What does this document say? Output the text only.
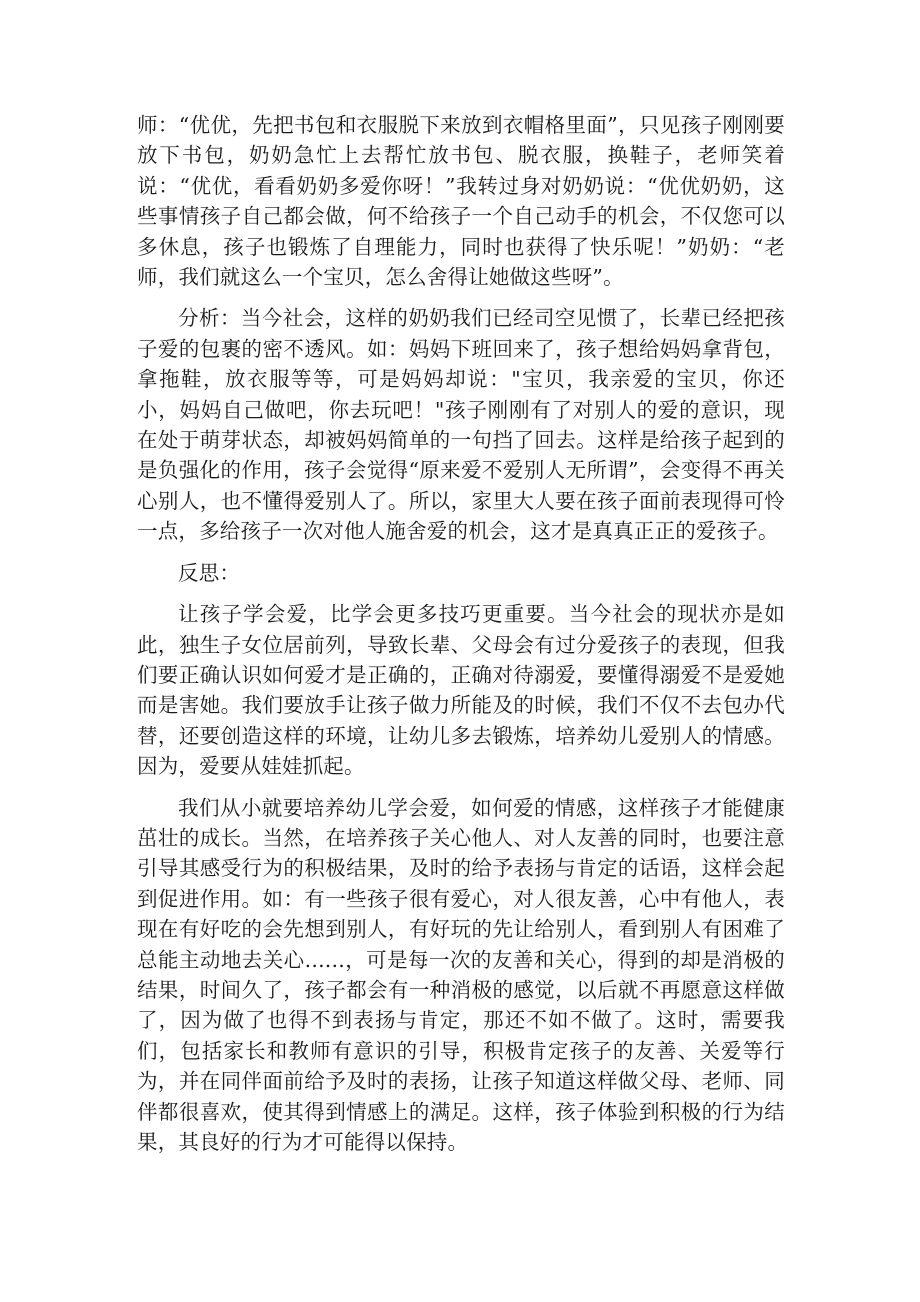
师：“优优，先把书包和衣服脱下来放到衣帽格里面”，只见孩子刚刚要放下书包，奶奶急忙上去帮忙放书包、脱衣服，换鞋子，老师笑着说：“优优，看看奶奶多爱你呀！”我转过身对奶奶说：“优优奶奶，这些事情孩子自己都会做，何不给孩子一个自己动手的机会，不仅您可以多休息，孩子也锻炼了自理能力，同时也获得了快乐呢！”奶奶：“老师，我们就这么一个宝贝，怎么舍得让她做这些呀”。

分析：当今社会，这样的奶奶我们已经司空见惯了，长辈已经把孩子爱的包裹的密不透风。如：妈妈下班回来了，孩子想给妈妈拿背包，拿拖鞋，放衣服等等，可是妈妈却说："宝贝，我亲爱的宝贝，你还小，妈妈自己做吧，你去玩吧！"孩子刚刚有了对别人的爱的意识，现在处于萌芽状态，却被妈妈简单的一句挡了回去。这样是给孩子起到的是负强化的作用，孩子会觉得“原来爱不爱别人无所谓”，会变得不再关心别人，也不懂得爱别人了。所以，家里大人要在孩子面前表现得可怜一点，多给孩子一次对他人施舍爱的机会，这才是真真正正的爱孩子。

反思：

让孩子学会爱，比学会更多技巧更重要。当今社会的现状亦是如此，独生子女位居前列，导致长辈、父母会有过分爱孩子的表现，但我们要正确认识如何爱才是正确的，正确对待溺爱，要懂得溺爱不是爱她而是害她。我们要放手让孩子做力所能及的时候，我们不仅不去包办代替，还要创造这样的环境，让幼儿多去锻炼，培养幼儿爱别人的情感。因为，爱要从娃娃抓起。

我们从小就要培养幼儿学会爱，如何爱的情感，这样孩子才能健康茁壮的成长。当然，在培养孩子关心他人、对人友善的同时，也要注意引导其感受行为的积极结果，及时的给予表扬与肯定的话语，这样会起到促进作用。如：有一些孩子很有爱心，对人很友善，心中有他人，表现在有好吃的会先想到别人，有好玩的先让给别人，看到别人有困难了总能主动地去关心......，可是每一次的友善和关心，得到的却是消极的结果，时间久了，孩子都会有一种消极的感觉，以后就不再愿意这样做了，因为做了也得不到表扬与肯定，那还不如不做了。这时，需要我们，包括家长和教师有意识的引导，积极肯定孩子的友善、关爱等行为，并在同伴面前给予及时的表扬，让孩子知道这样做父母、老师、同伴都很喜欢，使其得到情感上的满足。这样，孩子体验到积极的行为结果，其良好的行为才可能得以保持。
